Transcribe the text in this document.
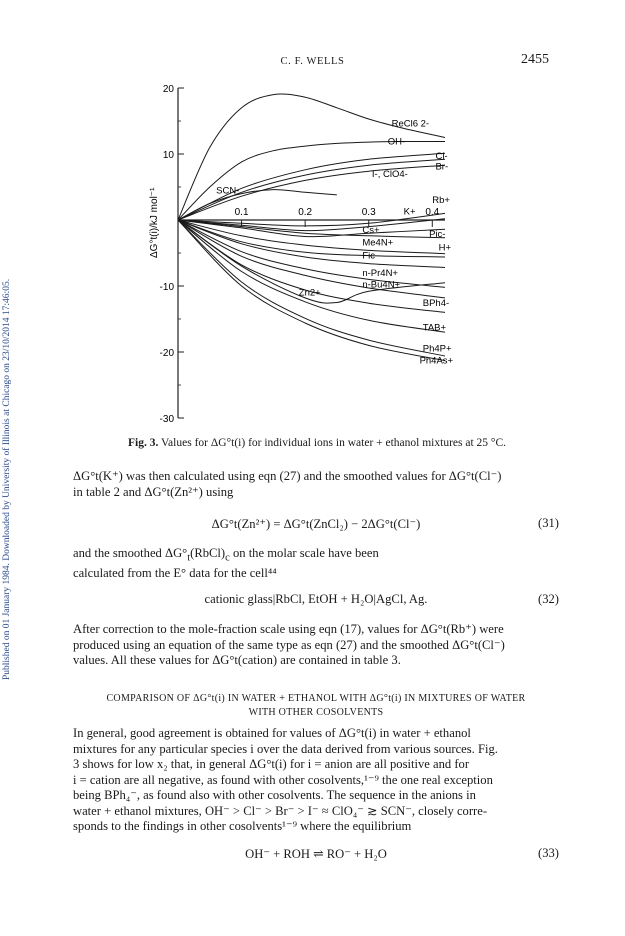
Published on 01 January 1984. Downloaded by University of Illinois at Chicago on 23/10/2014 17:46:05.
C. F. WELLS	2455
20
10
-10
-20
-30
0.1	0.2	0.3	0.4
ReCl6 2-
OH-
Cl-
Br-
I-, ClO4-
SCN-
Rb+
K+
Cs+	Pic-
Me4N+	H+
Fic
n-Pr4N+
n-Bu4N+
Zn2+
BPh4-
TAB+
Ph4P+
Ph4As+
ΔG°t(i)/kJ mol⁻¹
Fig. 3. Values for ΔG°t(i) for individual ions in water + ethanol mixtures at 25 °C.
ΔG°t(K⁺) was then calculated using eqn (27) and the smoothed values for ΔG°t(Cl⁻)
in table 2 and ΔG°t(Zn²⁺) using
ΔG°t(Zn²⁺) = ΔG°t(ZnCl₂) − 2ΔG°t(Cl⁻)	(31)
and the smoothed $\Delta G^\circ_t(RbCl)_c$ on the molar scale have been
calculated from the E° data for the cell⁴⁴
cationic glass|RbCl, EtOH + H₂O|AgCl, Ag.	(32)
After correction to the mole-fraction scale using eqn (17), values for ΔG°t(Rb⁺) were
produced using an equation of the same type as eqn (27) and the smoothed ΔG°t(Cl⁻)
values. All these values for ΔG°t(cation) are contained in table 3.
COMPARISON OF ΔG°t(i) IN WATER + ETHANOL WITH ΔG°t(i) IN MIXTURES OF WATER
WITH OTHER COSOLVENTS
In general, good agreement is obtained for values of ΔG°t(i) in water + ethanol
mixtures for any particular species i over the data derived from various sources. Fig.
3 shows for low x₂ that, in general ΔG°t(i) for i = anion are all positive and for
i = cation are all negative, as found with other cosolvents,¹⁻⁹ the one real exception
being BPh₄⁻, as found also with other cosolvents. The sequence in the anions in
water + ethanol mixtures, OH⁻ > Cl⁻ > Br⁻ > I⁻ ≈ ClO₄⁻ ≳ SCN⁻, closely corre-
sponds to the findings in other cosolvents¹⁻⁹ where the equilibrium
OH⁻ + ROH ⇌ RO⁻ + H₂O	(33)
